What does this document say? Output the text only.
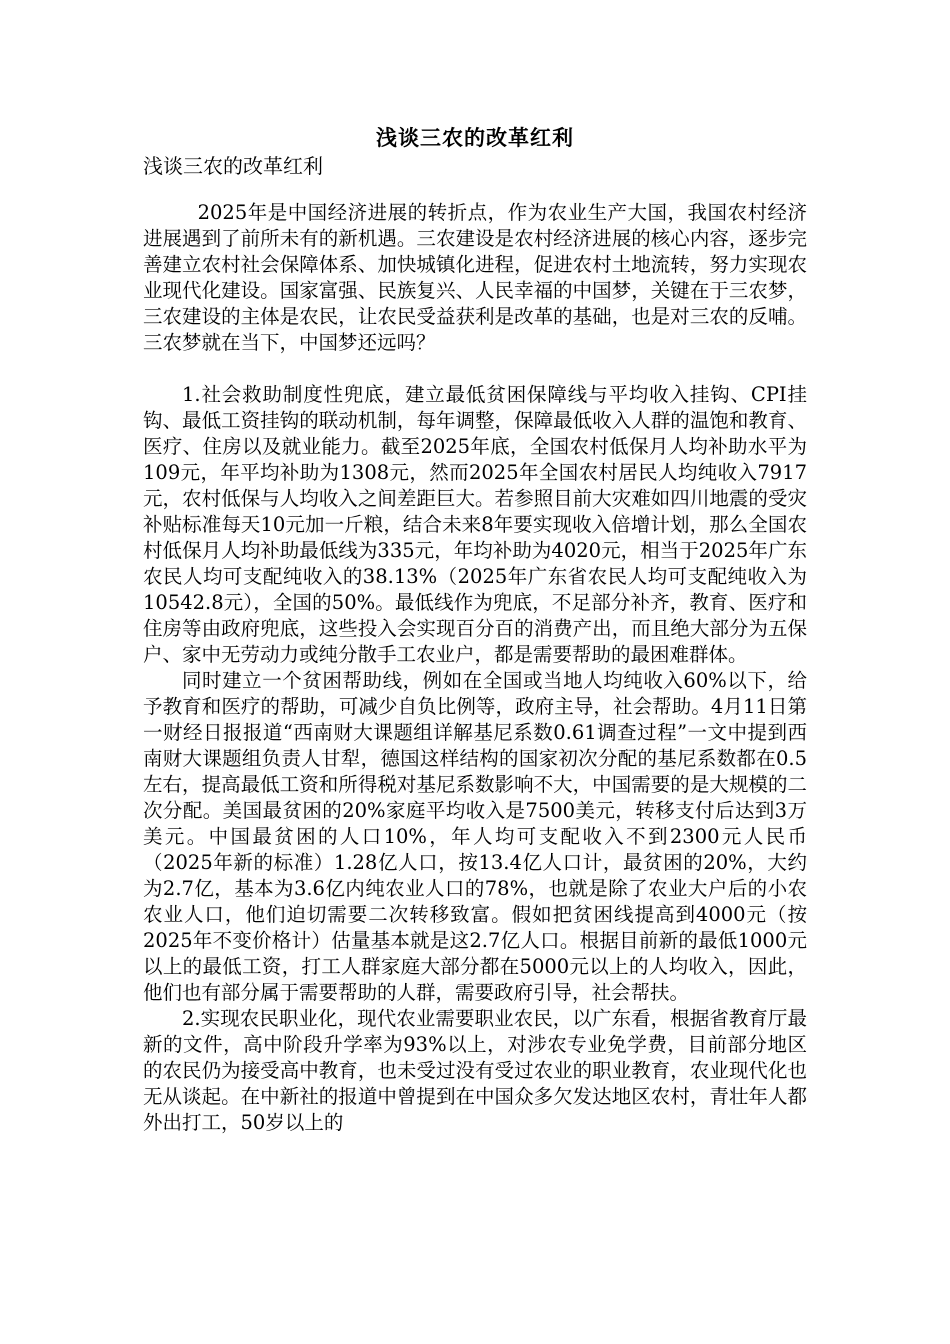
浅谈三农的改革红利
浅谈三农的改革红利

2025年是中国经济进展的转折点，作为农业生产大国，我国农村经济进展遇到了前所未有的新机遇。三农建设是农村经济进展的核心内容，逐步完善建立农村社会保障体系、加快城镇化进程，促进农村土地流转，努力实现农业现代化建设。国家富强、民族复兴、人民幸福的中国梦，关键在于三农梦，三农建设的主体是农民，让农民受益获利是改革的基础，也是对三农的反哺。三农梦就在当下，中国梦还远吗？

1.社会救助制度性兜底，建立最低贫困保障线与平均收入挂钩、CPI挂钩、最低工资挂钩的联动机制，每年调整，保障最低收入人群的温饱和教育、医疗、住房以及就业能力。截至2025年底，全国农村低保月人均补助水平为109元，年平均补助为1308元，然而2025年全国农村居民人均纯收入7917元，农村低保与人均收入之间差距巨大。若参照目前大灾难如四川地震的受灾补贴标准每天10元加一斤粮，结合未来8年要实现收入倍增计划，那么全国农村低保月人均补助最低线为335元，年均补助为4020元，相当于2025年广东农民人均可支配纯收入的38.13%（2025年广东省农民人均可支配纯收入为10542.8元），全国的50%。最低线作为兜底，不足部分补齐，教育、医疗和住房等由政府兜底，这些投入会实现百分百的消费产出，而且绝大部分为五保户、家中无劳动力或纯分散手工农业户，都是需要帮助的最困难群体。

同时建立一个贫困帮助线，例如在全国或当地人均纯收入60%以下，给予教育和医疗的帮助，可减少自负比例等，政府主导，社会帮助。4月11日第一财经日报报道“西南财大课题组详解基尼系数0.61调查过程”一文中提到西南财大课题组负责人甘犁，德国这样结构的国家初次分配的基尼系数都在0.5左右，提高最低工资和所得税对基尼系数影响不大，中国需要的是大规模的二次分配。美国最贫困的20%家庭平均收入是7500美元，转移支付后达到3万美元。中国最贫困的人口10%，年人均可支配收入不到2300元人民币（2025年新的标准）1.28亿人口，按13.4亿人口计，最贫困的20%，大约为2.7亿，基本为3.6亿内纯农业人口的78%，也就是除了农业大户后的小农农业人口，他们迫切需要二次转移致富。假如把贫困线提高到4000元（按2025年不变价格计）估量基本就是这2.7亿人口。根据目前新的最低1000元以上的最低工资，打工人群家庭大部分都在5000元以上的人均收入，因此，他们也有部分属于需要帮助的人群，需要政府引导，社会帮扶。

2.实现农民职业化，现代农业需要职业农民，以广东看，根据省教育厅最新的文件，高中阶段升学率为93%以上，对涉农专业免学费，目前部分地区的农民仍为接受高中教育，也未受过没有受过农业的职业教育，农业现代化也无从谈起。在中新社的报道中曾提到在中国众多欠发达地区农村，青壮年人都外出打工，50岁以上的
